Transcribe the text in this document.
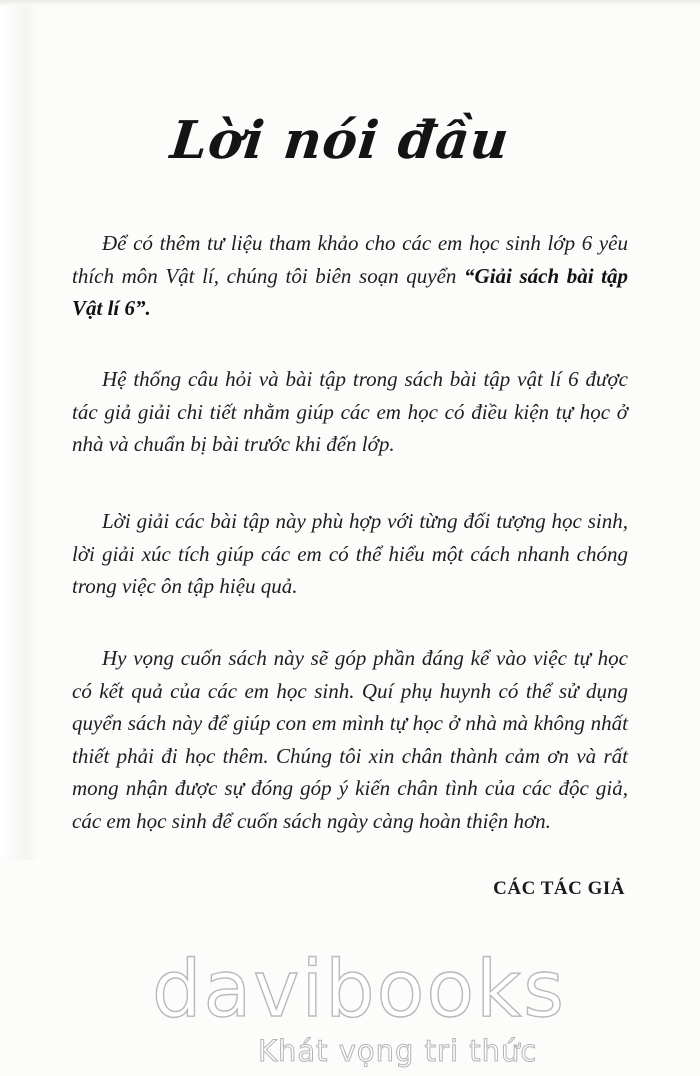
Lời nói đầu

Để có thêm tư liệu tham khảo cho các em học sinh lớp 6 yêu thích môn Vật lí, chúng tôi biên soạn quyển “Giải sách bài tập Vật lí 6”.

Hệ thống câu hỏi và bài tập trong sách bài tập vật lí 6 được tác giả giải chi tiết nhằm giúp các em học có điều kiện tự học ở nhà và chuẩn bị bài trước khi đến lớp.

Lời giải các bài tập này phù hợp với từng đối tượng học sinh, lời giải xúc tích giúp các em có thể hiểu một cách nhanh chóng trong việc ôn tập hiệu quả.

Hy vọng cuốn sách này sẽ góp phần đáng kể vào việc tự học có kết quả của các em học sinh. Quí phụ huynh có thể sử dụng quyển sách này để giúp con em mình tự học ở nhà mà không nhất thiết phải đi học thêm. Chúng tôi xin chân thành cảm ơn và rất mong nhận được sự đóng góp ý kiến chân tình của các độc giả, các em học sinh để cuốn sách ngày càng hoàn thiện hơn.

CÁC TÁC GIẢ
davibooks
Khát vọng tri thức
